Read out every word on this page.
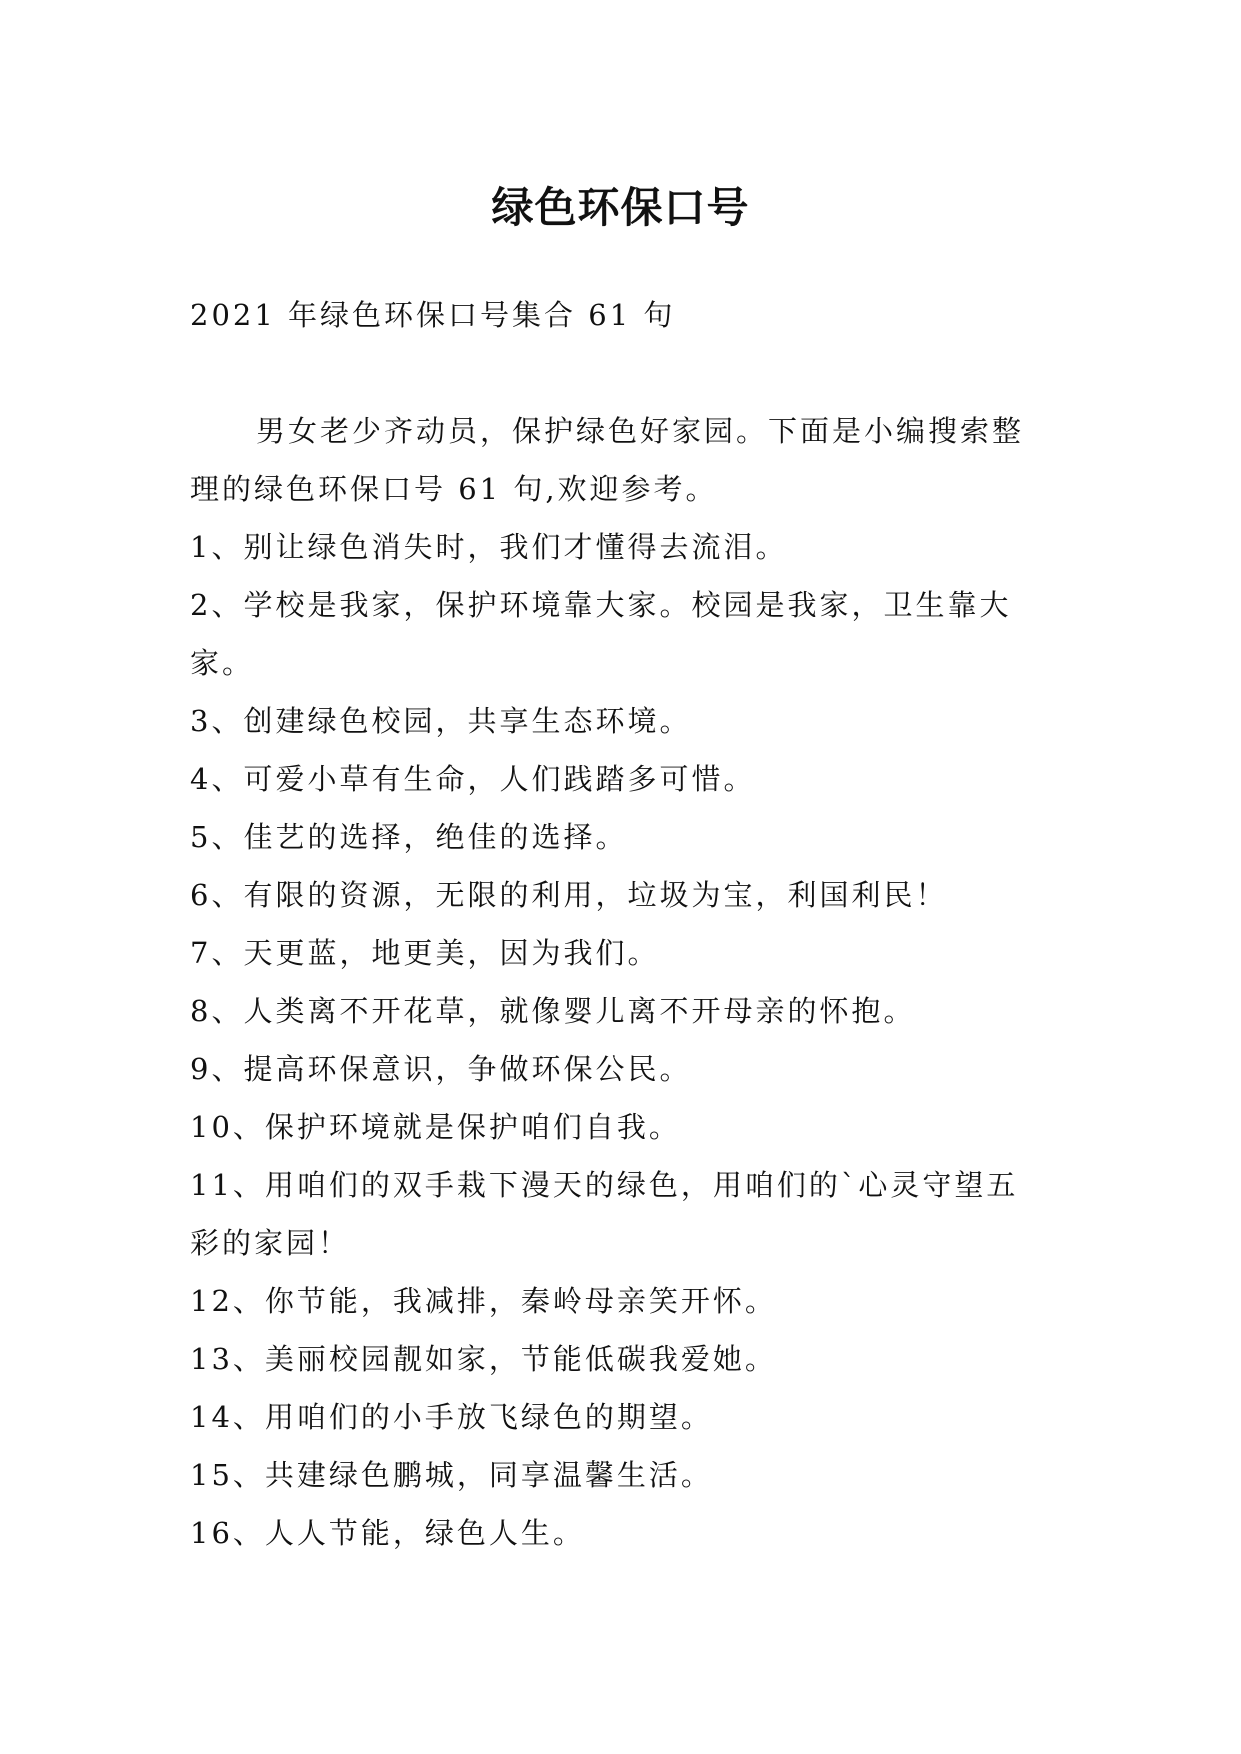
绿色环保口号

2021 年绿色环保口号集合 61 句

男女老少齐动员，保护绿色好家园。下面是小编搜索整理的绿色环保口号 61 句,欢迎参考。

1、别让绿色消失时，我们才懂得去流泪。

2、学校是我家，保护环境靠大家。校园是我家，卫生靠大家。

3、创建绿色校园，共享生态环境。

4、可爱小草有生命，人们践踏多可惜。

5、佳艺的选择，绝佳的选择。

6、有限的资源，无限的利用，垃圾为宝，利国利民！

7、天更蓝，地更美，因为我们。

8、人类离不开花草，就像婴儿离不开母亲的怀抱。

9、提高环保意识，争做环保公民。

10、保护环境就是保护咱们自我。

11、用咱们的双手栽下漫天的绿色，用咱们的`心灵守望五彩的家园！

12、你节能，我减排，秦岭母亲笑开怀。

13、美丽校园靓如家，节能低碳我爱她。

14、用咱们的小手放飞绿色的期望。

15、共建绿色鹏城，同享温馨生活。

16、人人节能，绿色人生。
